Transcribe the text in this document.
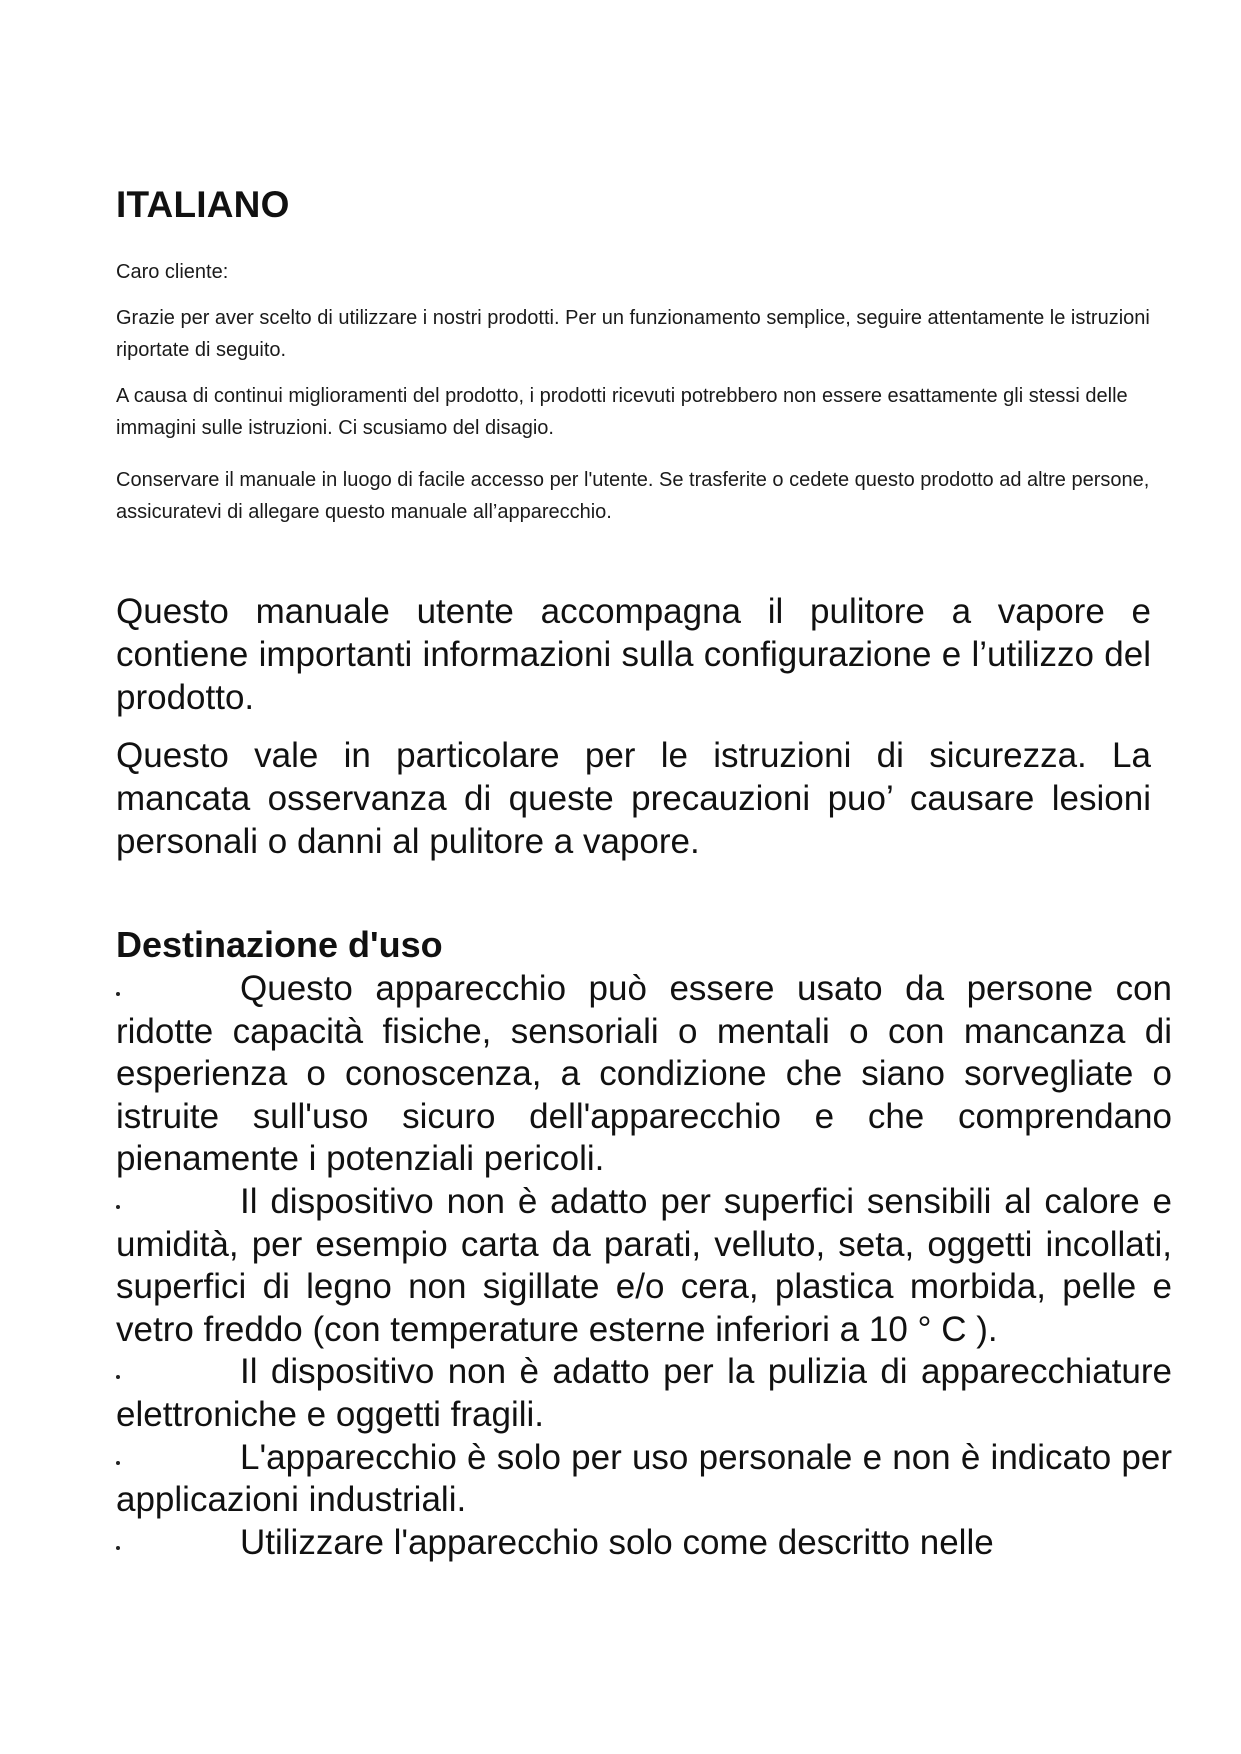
ITALIANO

Caro cliente:

Grazie per aver scelto di utilizzare i nostri prodotti. Per un funzionamento semplice, seguire attentamente le istruzioni riportate di seguito.

A causa di continui miglioramenti del prodotto, i prodotti ricevuti potrebbero non essere esattamente gli stessi delle immagini sulle istruzioni. Ci scusiamo del disagio.

Conservare il manuale in luogo di facile accesso per l'utente. Se trasferite o cedete questo prodotto ad altre persone, assicuratevi di allegare questo manuale all’apparecchio.

Questo manuale utente accompagna il pulitore a vapore e contiene importanti informazioni sulla configurazione e l’utilizzo del prodotto.

Questo vale in particolare per le istruzioni di sicurezza. La mancata osservanza di queste precauzioni puo’ causare lesioni personali o danni al pulitore a vapore.

Destinazione d'uso
Questo apparecchio può essere usato da persone con ridotte capacità fisiche, sensoriali o mentali o con mancanza di esperienza o conoscenza, a condizione che siano sorvegliate o istruite sull'uso sicuro dell'apparecchio e che comprendano pienamente i potenziali pericoli.
Il dispositivo non è adatto per superfici sensibili al calore e umidità, per esempio carta da parati, velluto, seta, oggetti incollati, superfici di legno non sigillate e/o cera, plastica morbida, pelle e vetro freddo (con temperature esterne inferiori a 10 ° C ).
Il dispositivo non è adatto per la pulizia di apparecchiature elettroniche e oggetti fragili.
L'apparecchio è solo per uso personale e non è indicato per applicazioni industriali.
Utilizzare l'apparecchio solo come descritto nelle
